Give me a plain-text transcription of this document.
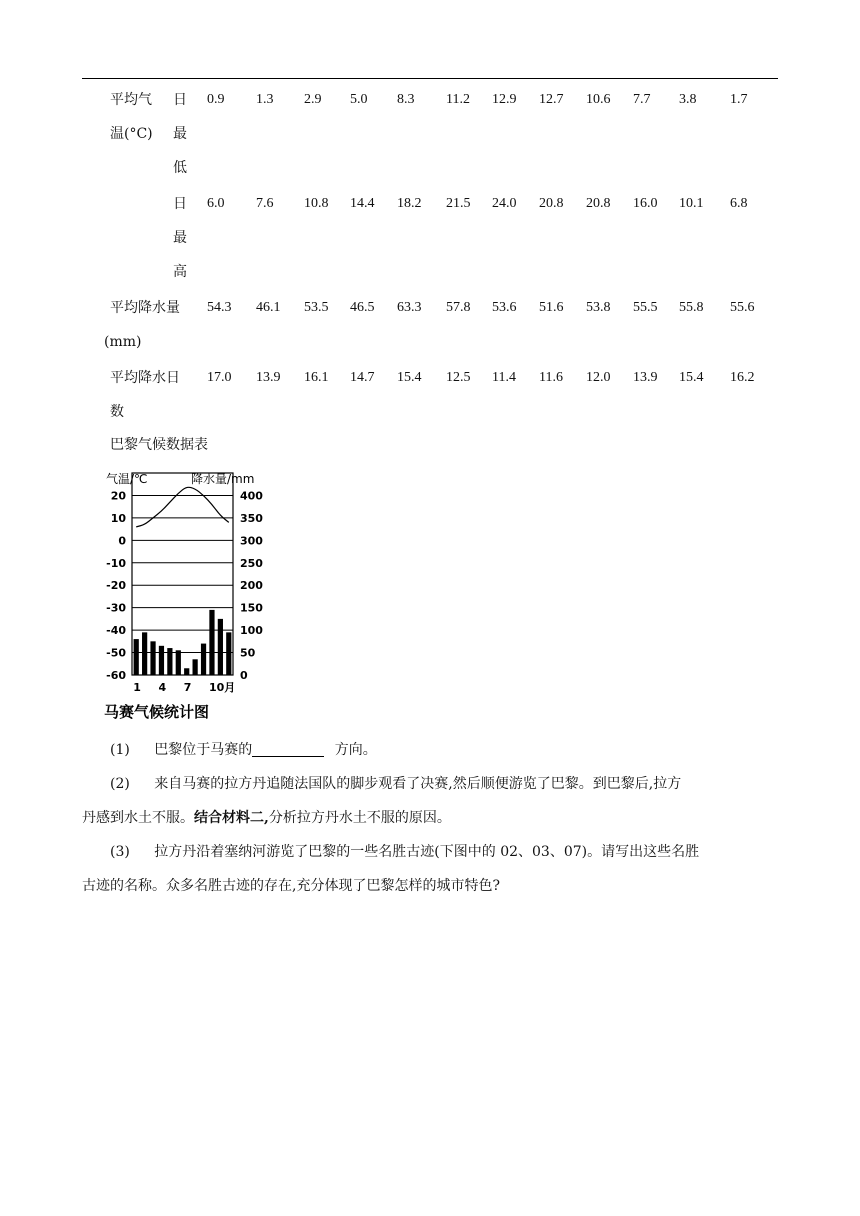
平均气
温(°C)
日
最
低
日
最
高
平均降水量
(mm)
平均降水日
数
0.9 1.3 2.9 5.0 8.3 11.2 12.9 12.7 10.6 7.7 3.8 1.7
6.0 7.6 10.8 14.4 18.2 21.5 24.0 20.8 20.8 16.0 10.1 6.8
54.3 46.1 53.5 46.5 63.3 57.8 53.6 51.6 53.8 55.5 55.8 55.6
17.0 13.9 16.1 14.7 15.4 12.5 11.4 11.6 12.0 13.9 15.4 16.2
巴黎气候数据表
气温/℃	降水量/mm
20
10
0
-10
-20
-30
-40
-50
-60
400
350
300
250
200
150
100
50
0
1 4 7 10月
马赛气候统计图
(1) 巴黎位于马赛的	方向。
(2) 来自马赛的拉方丹追随法国队的脚步观看了决赛,然后顺便游览了巴黎。到巴黎后,拉方
丹感到水土不服。结合材料二,分析拉方丹水土不服的原因。
(3) 拉方丹沿着塞纳河游览了巴黎的一些名胜古迹(下图中的 02、03、07)。请写出这些名胜
古迹的名称。众多名胜古迹的存在,充分体现了巴黎怎样的城市特色?
